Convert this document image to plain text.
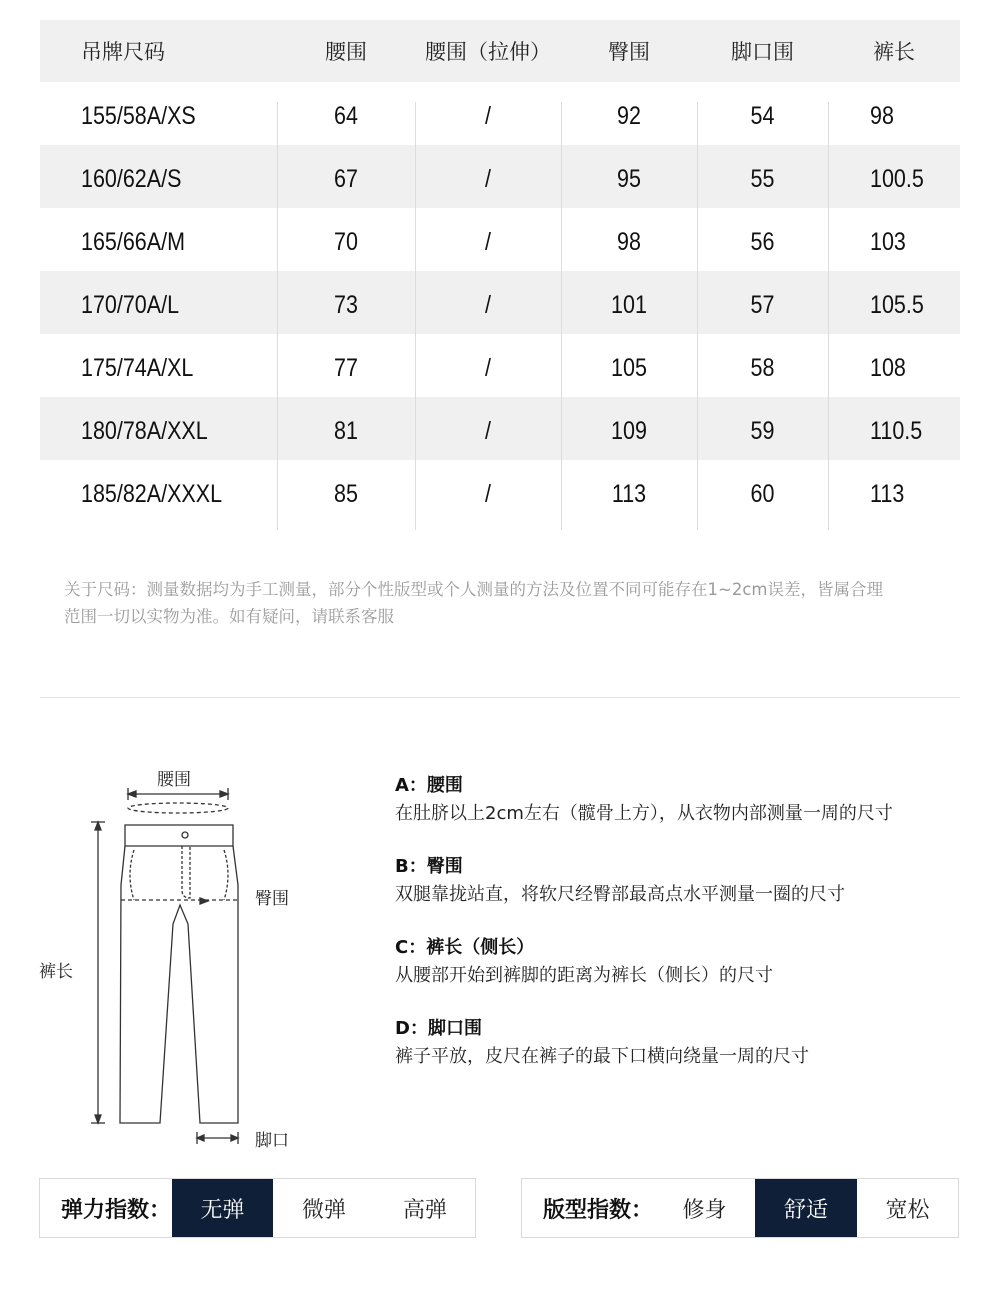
吊牌尺码	腰围	腰围（拉伸）	臀围	脚口围	裤长
155/58A/XS	64	/	92	54	98
160/62A/S	67	/	95	55	100.5
165/66A/M	70	/	98	56	103
170/70A/L	73	/	101	57	105.5
175/74A/XL	77	/	105	58	108
180/78A/XXL	81	/	109	59	110.5
185/82A/XXXL	85	/	113	60	113
关于尺码：测量数据均为手工测量，部分个性版型或个人测量的方法及位置不同可能存在1~2cm误差，皆属合理
范围一切以实物为准。如有疑问，请联系客服
腰围
臀围
裤长
脚口
A：腰围
在肚脐以上2cm左右（髋骨上方），从衣物内部测量一周的尺寸
B：臀围
双腿靠拢站直，将软尺经臀部最高点水平测量一圈的尺寸
C：裤长（侧长）
从腰部开始到裤脚的距离为裤长（侧长）的尺寸
D：脚口围
裤子平放，皮尺在裤子的最下口横向绕量一周的尺寸
弹力指数：	无弹	微弹	高弹	版型指数：	修身	舒适	宽松
